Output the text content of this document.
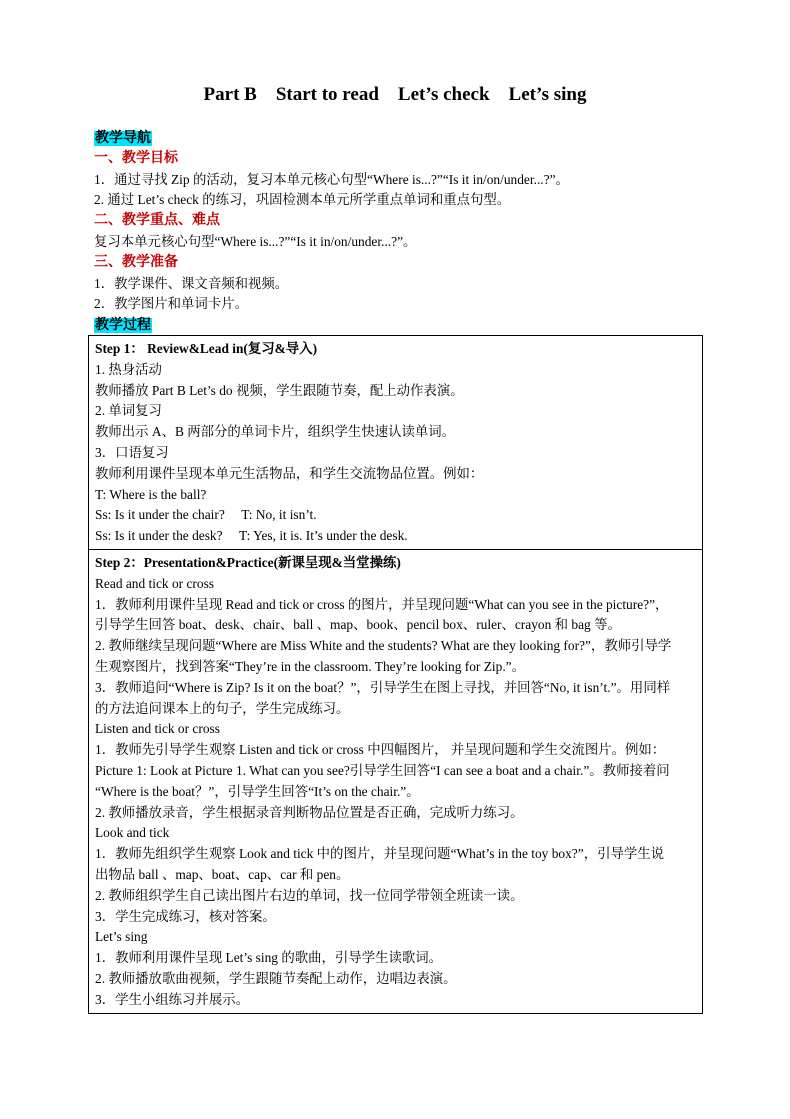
Part B    Start to read    Let’s check    Let’s sing
教学导航
一、教学目标
1．通过寻找 Zip 的活动，复习本单元核心句型“Where is...?”“Is it in/on/under...?”。
2. 通过 Let’s check 的练习，巩固检测本单元所学重点单词和重点句型。
二、教学重点、难点
复习本单元核心句型“Where is...?”“Is it in/on/under...?”。
三、教学准备
1．教学课件、课文音频和视频。
2．教学图片和单词卡片。
教学过程
Step 1： Review&Lead in(复习&导入)
1. 热身活动
教师播放 Part B Let’s do 视频，学生跟随节奏，配上动作表演。
2. 单词复习
教师出示 A、B 两部分的单词卡片，组织学生快速认读单词。
3．口语复习
教师利用课件呈现本单元生活物品，和学生交流物品位置。例如：
T: Where is the ball?
Ss: Is it under the chair?     T: No, it isn’t.
Ss: Is it under the desk?     T: Yes, it is. It’s under the desk.

Step 2：Presentation&Practice(新课呈现&当堂操练)
Read and tick or cross
1．教师利用课件呈现 Read and tick or cross 的图片，并呈现问题“What can you see in the picture?”，
引导学生回答 boat、desk、chair、ball 、map、book、pencil box、ruler、crayon 和 bag 等。
2. 教师继续呈现问题“Where are Miss White and the students? What are they looking for?”，教师引导学
生观察图片，找到答案“They’re in the classroom. They’re looking for Zip.”。
3．教师追问“Where is Zip? Is it on the boat？”，引导学生在图上寻找，并回答“No, it isn’t.”。用同样
的方法追问课本上的句子，学生完成练习。
Listen and tick or cross
1．教师先引导学生观察 Listen and tick or cross 中四幅图片， 并呈现问题和学生交流图片。例如：
Picture 1: Look at Picture 1. What can you see?引导学生回答“I can see a boat and a chair.”。教师接着问
“Where is the boat？”，引导学生回答“It’s on the chair.”。
2. 教师播放录音，学生根据录音判断物品位置是否正确，完成听力练习。
Look and tick
1．教师先组织学生观察 Look and tick 中的图片，并呈现问题“What’s in the toy box?”，引导学生说
出物品 ball 、map、boat、cap、car 和 pen。
2. 教师组织学生自己读出图片右边的单词，找一位同学带领全班读一读。
3．学生完成练习，核对答案。
Let’s sing
1．教师利用课件呈现 Let’s sing 的歌曲，引导学生读歌词。
2. 教师播放歌曲视频，学生跟随节奏配上动作，边唱边表演。
3．学生小组练习并展示。
